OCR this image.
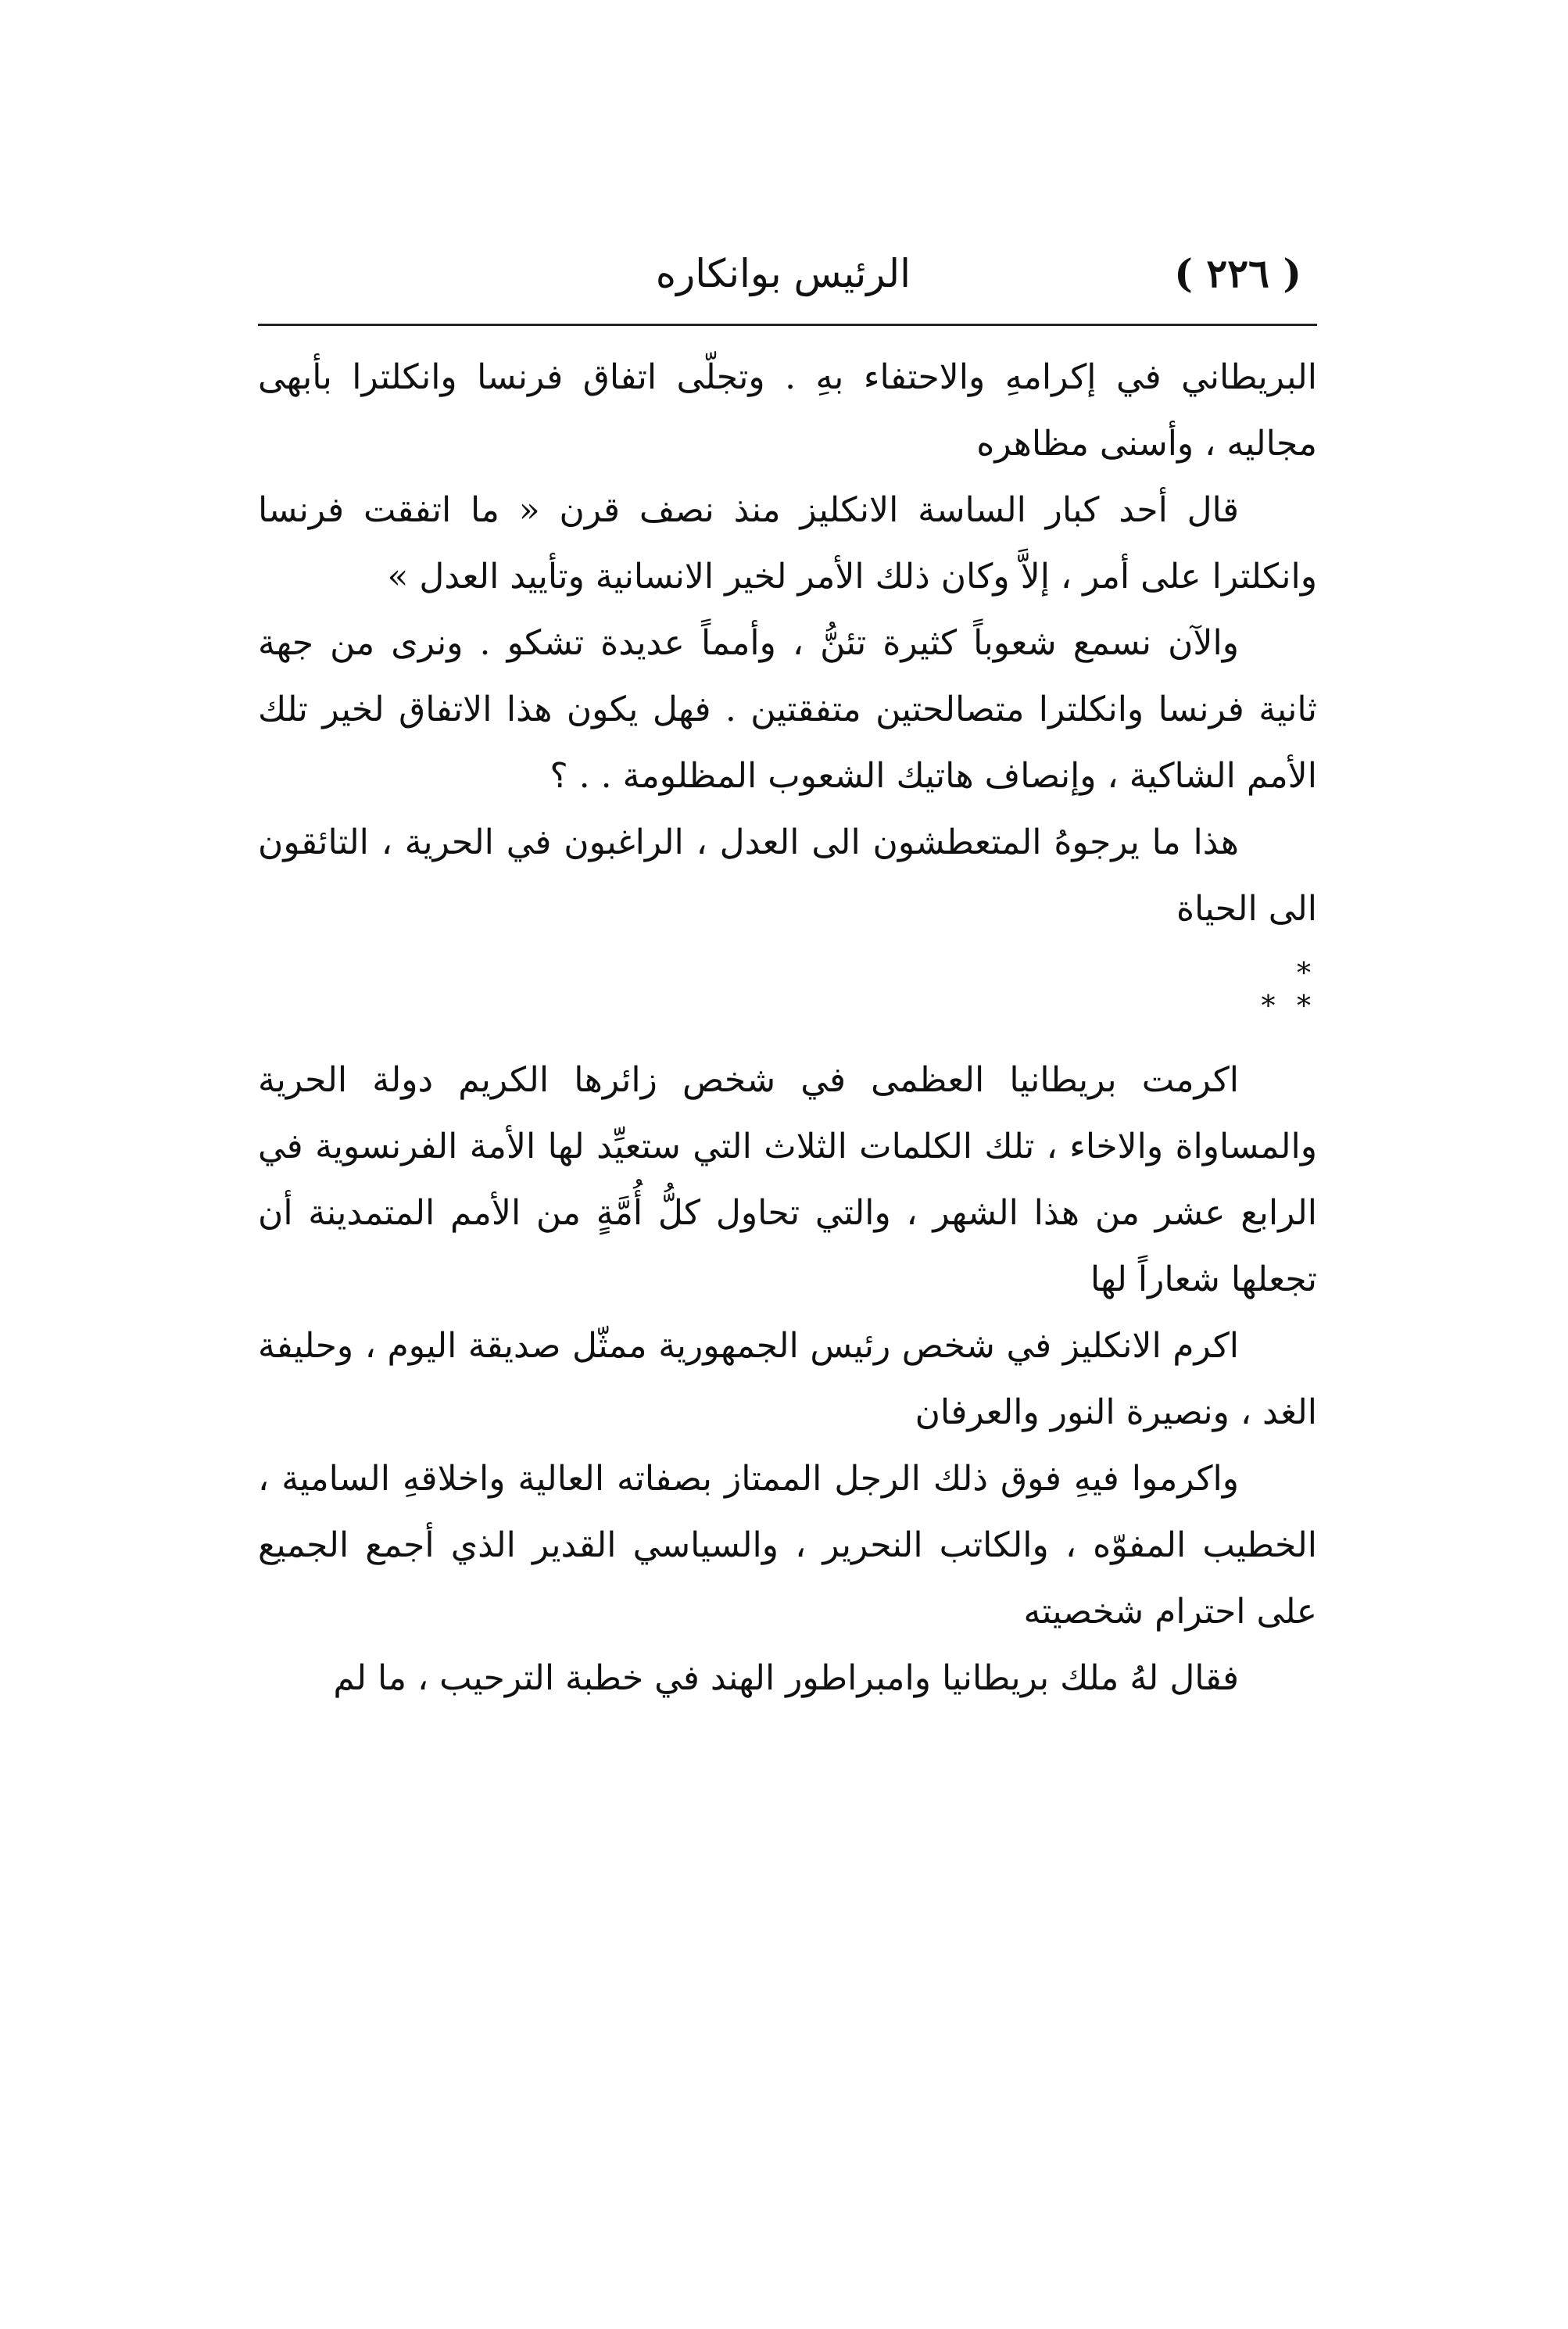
( ٢٢٦ )
الرئيس بوانكاره

البريطاني في إكرامهِ والاحتفاء بهِ . وتجلّى اتفاق فرنسا وانكلترا بأبهى مجاليه ، وأسنى مظاهره

قال أحد كبار الساسة الانكليز منذ نصف قرن « ما اتفقت فرنسا وانكلترا على أمر ، إلاَّ وكان ذلك الأمر لخير الانسانية وتأييد العدل »

والآن نسمع شعوباً كثيرة تئنُّ ، وأمماً عديدة تشكو . ونرى من جهة ثانية فرنسا وانكلترا متصالحتين متفقتين . فهل يكون هذا الاتفاق لخير تلك الأمم الشاكية ، وإنصاف هاتيك الشعوب المظلومة . . ؟

هذا ما يرجوهُ المتعطشون الى العدل ، الراغبون في الحرية ، التائقون الى الحياة

*
* *

اكرمت بريطانيا العظمى في شخص زائرها الكريم دولة الحرية والمساواة والاخاء ، تلك الكلمات الثلاث التي ستعيِّد لها الأمة الفرنسوية في الرابع عشر من هذا الشهر ، والتي تحاول كلُّ أُمَّةٍ من الأمم المتمدينة أن تجعلها شعاراً لها

اكرم الانكليز في شخص رئيس الجمهورية ممثّل صديقة اليوم ، وحليفة الغد ، ونصيرة النور والعرفان

واكرموا فيهِ فوق ذلك الرجل الممتاز بصفاته العالية واخلاقهِ السامية ، الخطيب المفوّه ، والكاتب النحرير ، والسياسي القدير الذي أجمع الجميع على احترام شخصيته

فقال لهُ ملك بريطانيا وامبراطور الهند في خطبة الترحيب ، ما لم
